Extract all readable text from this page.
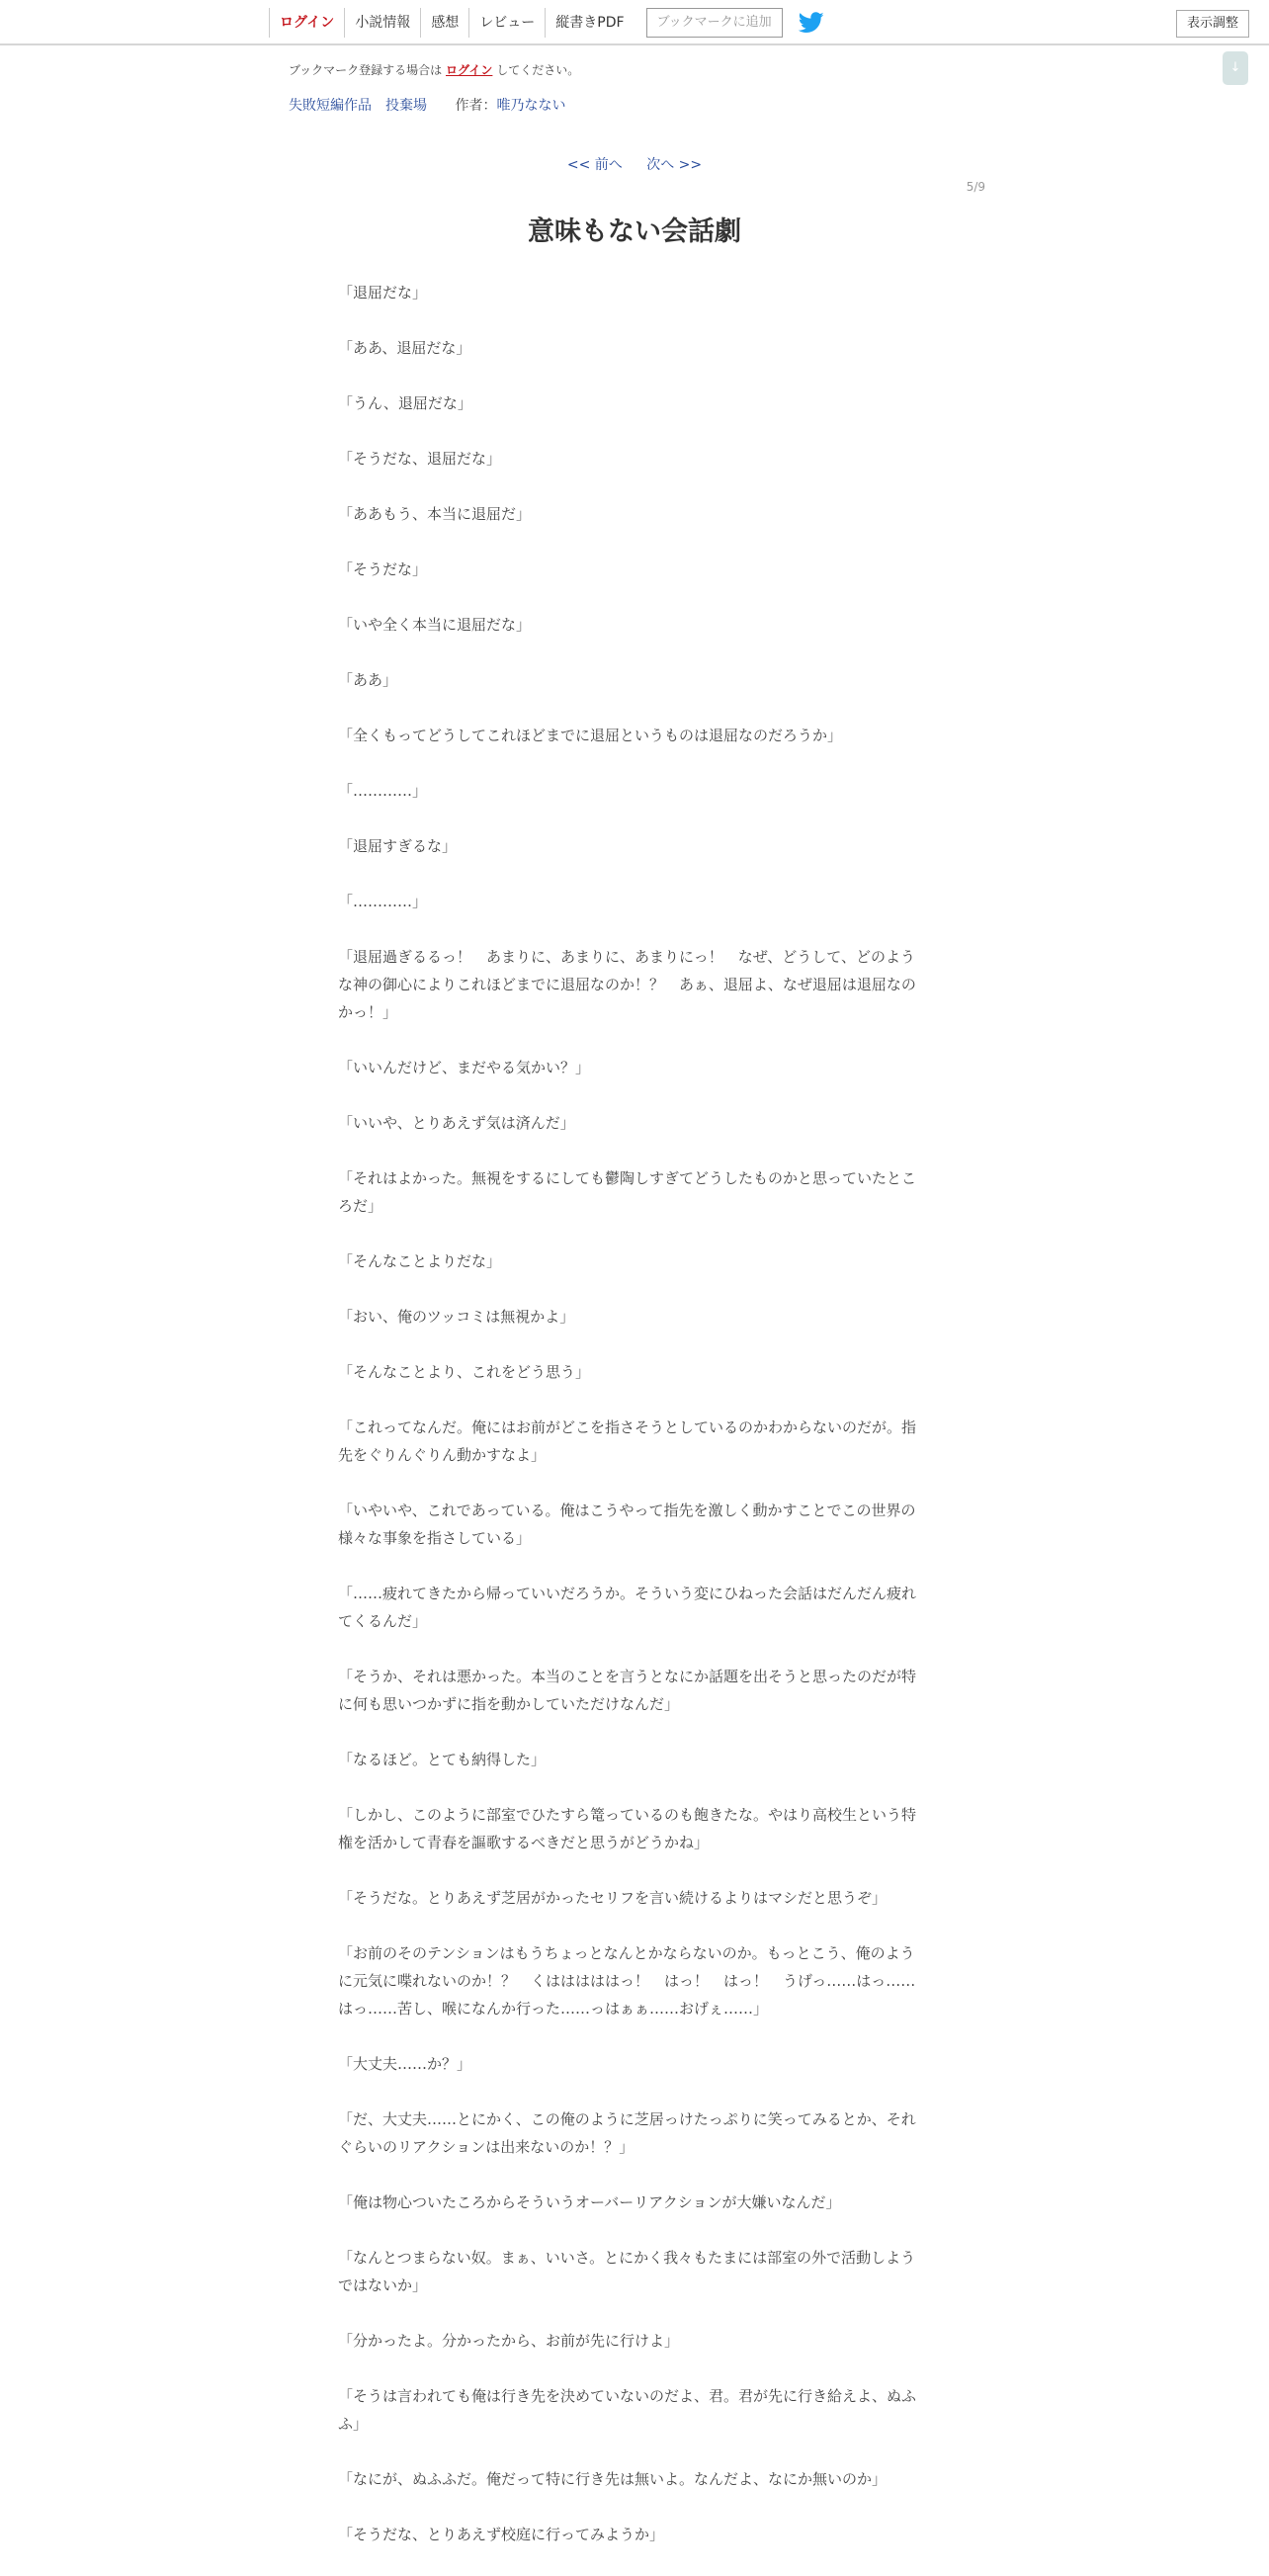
ログイン	小説情報	感想	レビュー	縦書きPDF	ブックマークに追加	表示調整
↓
ブックマーク登録する場合は ログイン してください。
失敗短編作品　投棄場 作者：唯乃なない
<< 前へ 次へ >>
5/9
意味もない会話劇

「退屈だな」

「ああ、退屈だな」

「うん、退屈だな」

「そうだな、退屈だな」

「ああもう、本当に退屈だ」

「そうだな」

「いや全く本当に退屈だな」

「ああ」

「全くもってどうしてこれほどまでに退屈というものは退屈なのだろうか」

「…………」

「退屈すぎるな」

「…………」

「退屈過ぎるるっ！　あまりに、あまりに、あまりにっ！　なぜ、どうして、どのような神の御心によりこれほどまでに退屈なのか！？　あぁ、退屈よ、なぜ退屈は退屈なのかっ！」

「いいんだけど、まだやる気かい？」

「いいや、とりあえず気は済んだ」

「それはよかった。無視をするにしても鬱陶しすぎてどうしたものかと思っていたところだ」

「そんなことよりだな」

「おい、俺のツッコミは無視かよ」

「そんなことより、これをどう思う」

「これってなんだ。俺にはお前がどこを指さそうとしているのかわからないのだが。指先をぐりんぐりん動かすなよ」

「いやいや、これであっている。俺はこうやって指先を激しく動かすことでこの世界の様々な事象を指さしている」

「……疲れてきたから帰っていいだろうか。そういう変にひねった会話はだんだん疲れてくるんだ」

「そうか、それは悪かった。本当のことを言うとなにか話題を出そうと思ったのだが特に何も思いつかずに指を動かしていただけなんだ」

「なるほど。とても納得した」

「しかし、このように部室でひたすら篭っているのも飽きたな。やはり高校生という特権を活かして青春を謳歌するべきだと思うがどうかね」

「そうだな。とりあえず芝居がかったセリフを言い続けるよりはマシだと思うぞ」

「お前のそのテンションはもうちょっとなんとかならないのか。もっとこう、俺のように元気に喋れないのか！？　くはははははっ！　はっ！　はっ！　うげっ……はっ……はっ……苦し、喉になんか行った……っはぁぁ……おげぇ……」

「大丈夫……か？」

「だ、大丈夫……とにかく、この俺のように芝居っけたっぷりに笑ってみるとか、それぐらいのリアクションは出来ないのか！？」

「俺は物心ついたころからそういうオーバーリアクションが大嫌いなんだ」

「なんとつまらない奴。まぁ、いいさ。とにかく我々もたまには部室の外で活動しようではないか」

「分かったよ。分かったから、お前が先に行けよ」

「そうは言われても俺は行き先を決めていないのだよ、君。君が先に行き給えよ、ぬふふ」

「なにが、ぬふふだ。俺だって特に行き先は無いよ。なんだよ、なにか無いのか」

「そうだな、とりあえず校庭に行ってみようか」
